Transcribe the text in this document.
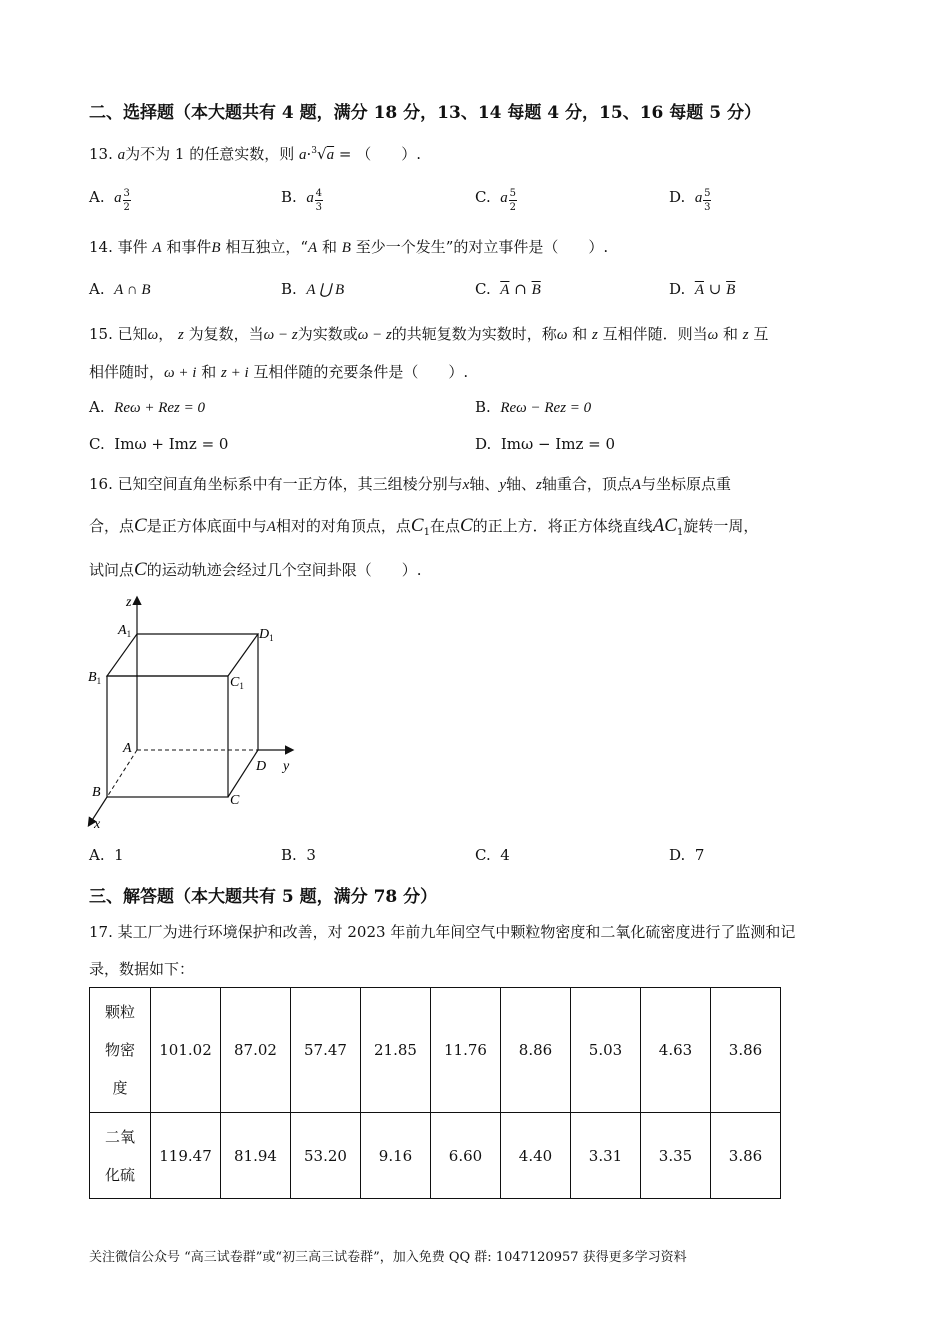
二、选择题（本大题共有 4 题，满分 18 分，13、14 每题 4 分，15、16 每题 5 分）
13. a为不为 1 的任意实数，则 a·$^3$√a = （　　）.
A. a $\frac{3}{2}$	B. a $\frac{4}{3}$	C. a $\frac{5}{2}$	D. a $\frac{5}{3}$
14. 事件 A 和事件B 相互独立，“A 和 B 至少一个发生”的对立事件是（　　）.
A. A ∩ B	B. A ⋃ B	C. $\overline{A}$ ∩ $\overline{B}$	D. $\overline{A}$ ∪ $\overline{B}$
15. 已知ω， z 为复数，当ω − z为实数或ω − z的共轭复数为实数时，称ω 和 z 互相伴随．则当ω 和 z 互
相伴随时，ω + i 和 z + i 互相伴随的充要条件是（　　）.
A. Reω + Rez = 0	B. Reω − Rez = 0
C. Imω + Imz = 0	D. Imω − Imz = 0
16. 已知空间直角坐标系中有一正方体，其三组棱分别与x轴、y轴、z轴重合，顶点A与坐标原点重
合，点C是正方体底面中与A相对的对角顶点，点$C_1$在点C的正上方．将正方体绕直线$AC_1$旋转一周，
试问点C的运动轨迹会经过几个空间卦限（　　）.
z
$A_1$	$D_1$
$B_1$	$C_1$
A
D y
B
C
x
A. 1	B. 3	C. 4	D. 7
三、解答题（本大题共有 5 题，满分 78 分）
17. 某工厂为进行环境保护和改善，对 2023 年前九年间空气中颗粒物密度和二氧化硫密度进行了监测和记
录，数据如下：
颗粒
物密
度	101.02	87.02	57.47	21.85	11.76	8.86	5.03	4.63	3.86

二氧
化硫	119.47	81.94	53.20	9.16	6.60	4.40	3.31	3.35	3.86
关注微信公众号 “高三试卷群”或“初三高三试卷群”，加入免费 QQ 群: 1047120957 获得更多学习资料
